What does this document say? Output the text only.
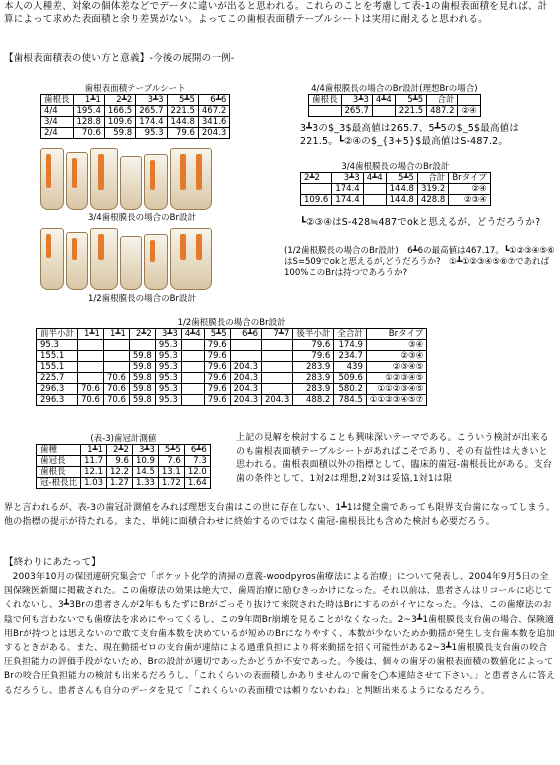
本人の人種差、対象の個体差などでデータに違いが出ると思われる。これらのことを考慮して表-1の歯根表面積を見れば、計算によって求めた表面積と余り差異がない。よってこの歯根表面積テーブルシートは実用に耐えると思われる。
【歯根表面積表の使い方と意義】-今後の展開の一例-
歯根表面積テーブルシート
歯根長	1┻1	2┻2	3┻3	5┻5	6┻6
4/4	195.4	166.5	265.7	221.5	467.2
3/4	128.8	109.6	174.4	144.8	341.6
2/4	70.6	59.8	95.3	79.6	204.3
3/4歯根膜長の場合のBr設計
1/2歯根膜長の場合のBr設計
4/4歯根膜長の場合のBr設計(理想Brの場合)
歯根長	3┻3	4┻4	5┻5	合計	
	265.7		221.5	487.2	②④
3┻3の$_3$最高値は265.7、5┻5の$_5$最高値は221.5。┗②④の$_{3+5}$最高値はS-487.2。
3/4歯根膜長の場合のBr設計
2┻2	3┻3	4┻4	5┻5	合計	Brタイプ
	174.4		144.8	319.2	②④
109.6	174.4		144.8	428.8	②③④
┗②③④はS-428≒487でokと思えるが、どうだろうか?
(1/2歯根膜長の場合のBr設計)　6┻6の最高値は467.17。┗①②③④⑤⑥はS=509でokと思えるが,どうだろうか?　①┻①②③④⑤⑥⑦であれば100%このBrは持つであろうか?
1/2歯根膜長の場合のBr設計
前半小計	1┻1	1┻1	2┻2	3┻3	4┻4	5┻5	6┻6	7┻7	後半小計	全合計	Brタイプ
95.3				95.3		79.6			79.6	174.9	③④
155.1			59.8	95.3		79.6			79.6	234.7	②③④
155.1			59.8	95.3		79.6	204.3		283.9	439	②③④⑤
225.7		70.6	59.8	95.3		79.6	204.3		283.9	509.6	①②③④⑤
296.3	70.6	70.6	59.8	95.3		79.6	204.3		283.9	580.2	①①②③④⑤
296.3	70.6	70.6	59.8	95.3		79.6	204.3	204.3	488.2	784.5	①①②③④⑤⑦
(表-3)歯冠計測値
歯種	1┻1	2┻2	3┻3	5┻5	6┻6
歯冠長	11.7	9.6	10.9	7.6	7.3
歯根長	12.1	12.2	14.5	13.1	12.0
冠-根長比	1.03	1.27	1.33	1.72	1.64
上記の見解を検討することも興味深いテーマである。こういう検討が出来るのも歯根表面積テーブルシートがあればこそであり、その有益性は大きいと思われる。歯根表面積以外の指標として、臨床的歯冠-歯根長比がある。支台歯の条件として、1対2は理想,2対3は妥協,1対1は限
界と言われるが、表-3の歯冠計測値をみれば理想支台歯はこの世に存在しない、1┻1は健全歯であっても限界支台歯になってしまう。他の指標の提示が待たれる。また、単純に面積合わせに終始するのではなく歯冠-歯根長比も含めた検討も必要だろう。
【終わりにあたって】
2003年10月の保団連研究集会で「ポケット化学的清掃の意義-woodpyros歯療法による治療」について発表し、2004年9月5日の全国保険医新聞に掲載された。この歯療法の効果は絶大で、歯周治療に励むきっかけになった。それ以前は、患者さんはリコールに応じてくれないし、3┻3Brの患者さんが2年ももたずにBrがごっそり抜けて来院された時はBrにするのがイヤになった。今は、この歯療法のお陰で何も言わないでも歯療法を求めにやってくるし、この9年間Br崩壊を見ることがなくなった。2~3┻1歯根膜長支台歯の場合、保険適用Brが持つとは思えないので敢て支台歯本数を決めているが短めのBrになりやすく、本数が少ないためか動揺が発生し支台歯本数を追加するときがある。また、現在動揺ゼロの支台歯が連結による過重負担により将来動揺を招く可能性がある2~3┻1歯根膜長支台歯の咬合圧負担能力の評価手段がないため、Brの設計が適切であったかどうか不安であった。今後は、個々の歯牙の歯根表面積の数値化によってBrの咬合圧負担能力の検討も出来るだろうし、「これくらいの表面積しかありませんので歯を◯本連結させて下さい。」と患者さんに答えるだろうし、患者さんも自分のデータを見て「これくらいの表面積では頼りないわね」と判断出来るようになるだろう。
